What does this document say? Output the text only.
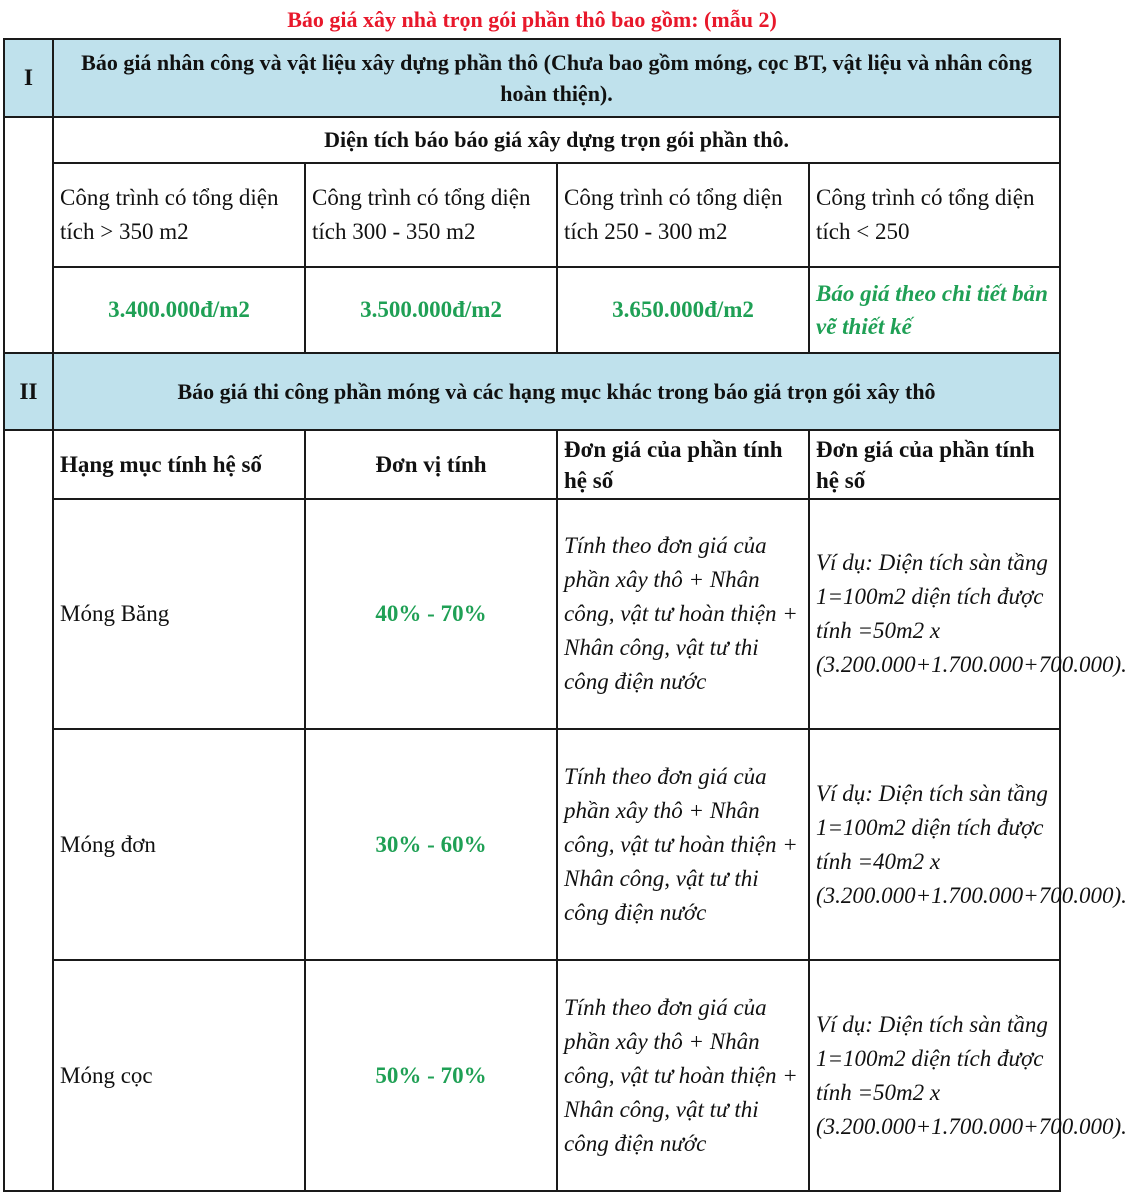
Báo giá xây nhà trọn gói phần thô bao gồm: (mẫu 2)
I	Báo giá nhân công và vật liệu xây dựng phần thô (Chưa bao gồm móng, cọc BT, vật liệu và nhân công hoàn thiện).			
	Diện tích báo báo giá xây dựng trọn gói phần thô.			
	Công trình có tổng diện tích > 350 m2	Công trình có tổng diện tích 300 - 350 m2	Công trình có tổng diện tích 250 - 300 m2	Công trình có tổng diện tích < 250
	3.400.000đ/m2	3.500.000đ/m2	3.650.000đ/m2	Báo giá theo chi tiết bản vẽ thiết kế
II	Báo giá thi công phần móng và các hạng mục khác trong báo giá trọn gói xây thô			
	Hạng mục tính hệ số	Đơn vị tính	Đơn giá của phần tính hệ số	Đơn giá của phần tính hệ số
	Móng Băng	40% - 70%	Tính theo đơn giá của phần xây thô + Nhân công, vật tư hoàn thiện + Nhân công, vật tư thi công điện nước	Ví dụ: Diện tích sàn tầng 1=100m2 diện tích được tính =50m2 x (3.200.000+1.700.000+700.000).
	Móng đơn	30% - 60%	Tính theo đơn giá của phần xây thô + Nhân công, vật tư hoàn thiện + Nhân công, vật tư thi công điện nước	Ví dụ: Diện tích sàn tầng 1=100m2 diện tích được tính =40m2 x (3.200.000+1.700.000+700.000).
	Móng cọc	50% - 70%	Tính theo đơn giá của phần xây thô + Nhân công, vật tư hoàn thiện + Nhân công, vật tư thi công điện nước	Ví dụ: Diện tích sàn tầng 1=100m2 diện tích được tính =50m2 x (3.200.000+1.700.000+700.000).
